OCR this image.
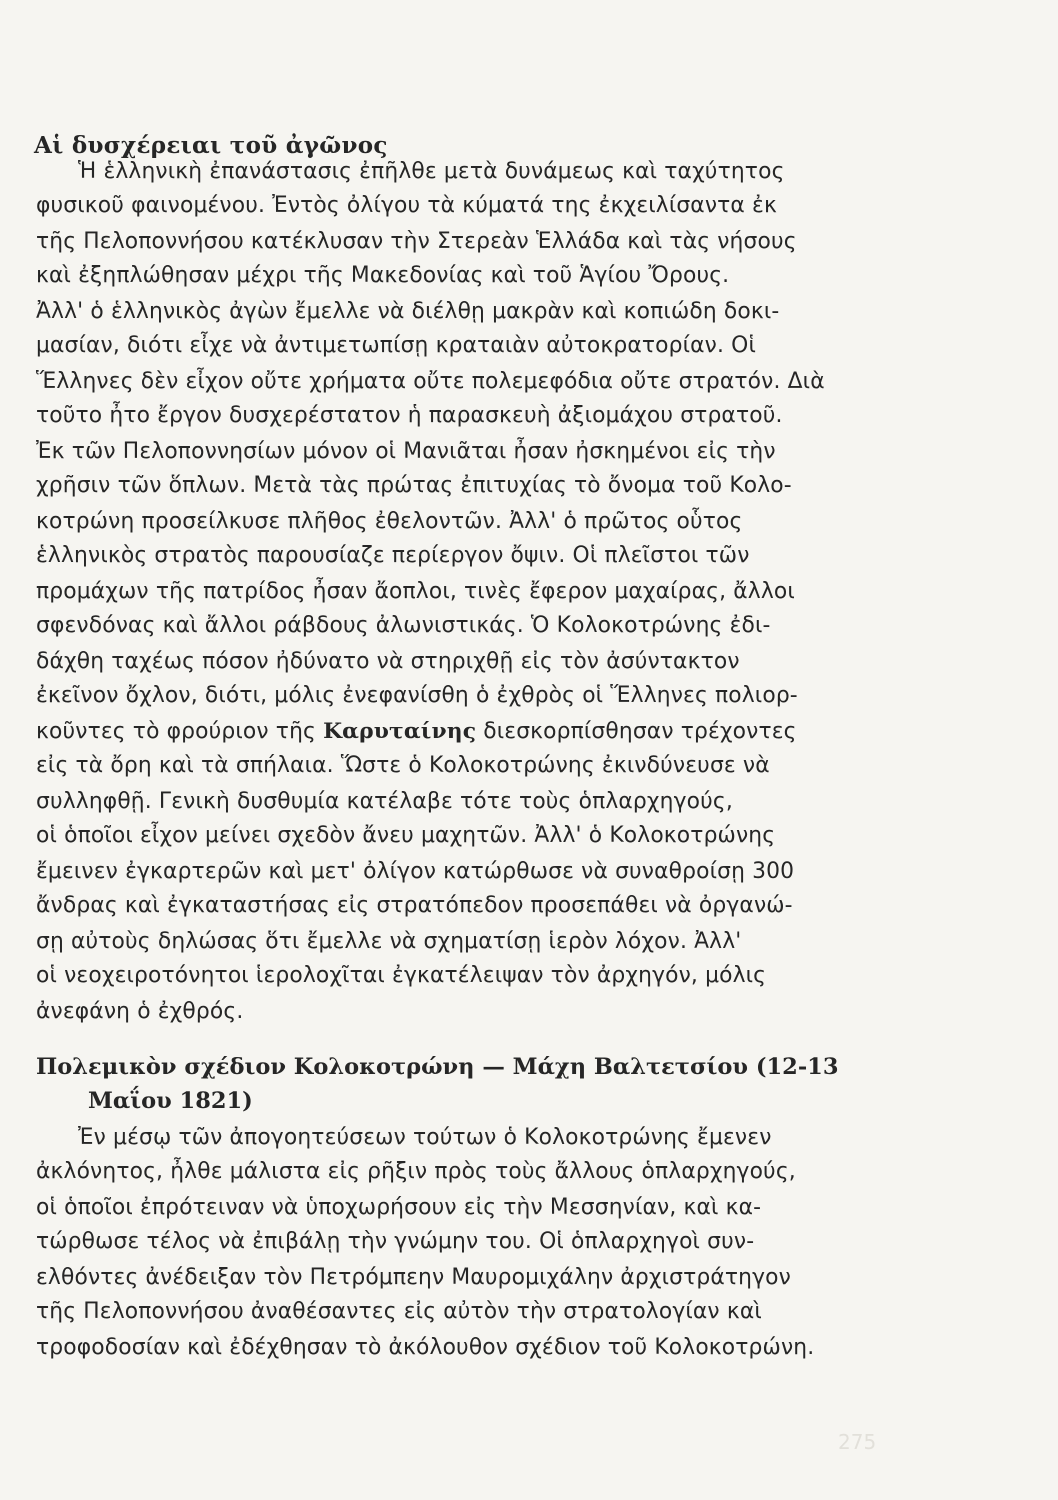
Αἱ δυσχέρειαι τοῦ ἀγῶνος
Ἡ ἑλληνικὴ ἐπανάστασις ἐπῆλθε μετὰ δυνάμεως καὶ ταχύτητος
φυσικοῦ φαινομένου. Ἐντὸς ὀλίγου τὰ κύματά της ἐκχειλίσαντα ἐκ
τῆς Πελοποννήσου κατέκλυσαν τὴν Στερεὰν Ἑλλάδα καὶ τὰς νήσους
καὶ ἐξηπλώθησαν μέχρι τῆς Μακεδονίας καὶ τοῦ Ἁγίου Ὄρους.
Ἀλλ' ὁ ἑλληνικὸς ἀγὼν ἔμελλε νὰ διέλθῃ μακρὰν καὶ κοπιώδη δοκι-
μασίαν, διότι εἶχε νὰ ἀντιμετωπίσῃ κραταιὰν αὐτοκρατορίαν. Οἱ
Ἕλληνες δὲν εἶχον οὔτε χρήματα οὔτε πολεμεφόδια οὔτε στρατόν. Διὰ
τοῦτο ἦτο ἔργον δυσχερέστατον ἡ παρασκευὴ ἀξιομάχου στρατοῦ.
Ἐκ τῶν Πελοποννησίων μόνον οἱ Μανιᾶται ἦσαν ἠσκημένοι εἰς τὴν
χρῆσιν τῶν ὅπλων. Μετὰ τὰς πρώτας ἐπιτυχίας τὸ ὄνομα τοῦ Κολο-
κοτρώνη προσείλκυσε πλῆθος ἐθελοντῶν. Ἀλλ' ὁ πρῶτος οὗτος
ἑλληνικὸς στρατὸς παρουσίαζε περίεργον ὄψιν. Οἱ πλεῖστοι τῶν
προμάχων τῆς πατρίδος ἦσαν ἄοπλοι, τινὲς ἔφερον μαχαίρας, ἄλλοι
σφενδόνας καὶ ἄλλοι ράβδους ἀλωνιστικάς. Ὁ Κολοκοτρώνης ἐδι-
δάχθη ταχέως πόσον ἠδύνατο νὰ στηριχθῇ εἰς τὸν ἀσύντακτον
ἐκεῖνον ὄχλον, διότι, μόλις ἐνεφανίσθη ὁ ἐχθρὸς οἱ Ἕλληνες πολιορ-
κοῦντες τὸ φρούριον τῆς Καρυταίνης διεσκορπίσθησαν τρέχοντες
εἰς τὰ ὄρη καὶ τὰ σπήλαια. Ὥστε ὁ Κολοκοτρώνης ἐκινδύνευσε νὰ
συλληφθῇ. Γενικὴ δυσθυμία κατέλαβε τότε τοὺς ὁπλαρχηγούς,
οἱ ὁποῖοι εἶχον μείνει σχεδὸν ἄνευ μαχητῶν. Ἀλλ' ὁ Κολοκοτρώνης
ἔμεινεν ἐγκαρτερῶν καὶ μετ' ὀλίγον κατώρθωσε νὰ συναθροίσῃ 300
ἄνδρας καὶ ἐγκαταστήσας εἰς στρατόπεδον προσεπάθει νὰ ὀργανώ-
σῃ αὐτοὺς δηλώσας ὅτι ἔμελλε νὰ σχηματίσῃ ἱερὸν λόχον. Ἀλλ'
οἱ νεοχειροτόνητοι ἱερολοχῖται ἐγκατέλειψαν τὸν ἀρχηγόν, μόλις
ἀνεφάνη ὁ ἐχθρός.
Πολεμικὸν σχέδιον Κολοκοτρώνη — Μάχη Βαλτετσίου (12-13
Μαΐου 1821)
Ἐν μέσῳ τῶν ἀπογοητεύσεων τούτων ὁ Κολοκοτρώνης ἔμενεν
ἀκλόνητος, ἦλθε μάλιστα εἰς ρῆξιν πρὸς τοὺς ἄλλους ὁπλαρχηγούς,
οἱ ὁποῖοι ἐπρότειναν νὰ ὑποχωρήσουν εἰς τὴν Μεσσηνίαν, καὶ κα-
τώρθωσε τέλος νὰ ἐπιβάλῃ τὴν γνώμην του. Οἱ ὁπλαρχηγοὶ συν-
ελθόντες ἀνέδειξαν τὸν Πετρόμπεην Μαυρομιχάλην ἀρχιστράτηγον
τῆς Πελοποννήσου ἀναθέσαντες εἰς αὐτὸν τὴν στρατολογίαν καὶ
τροφοδοσίαν καὶ ἐδέχθησαν τὸ ἀκόλουθον σχέδιον τοῦ Κολοκοτρώνη.
275
